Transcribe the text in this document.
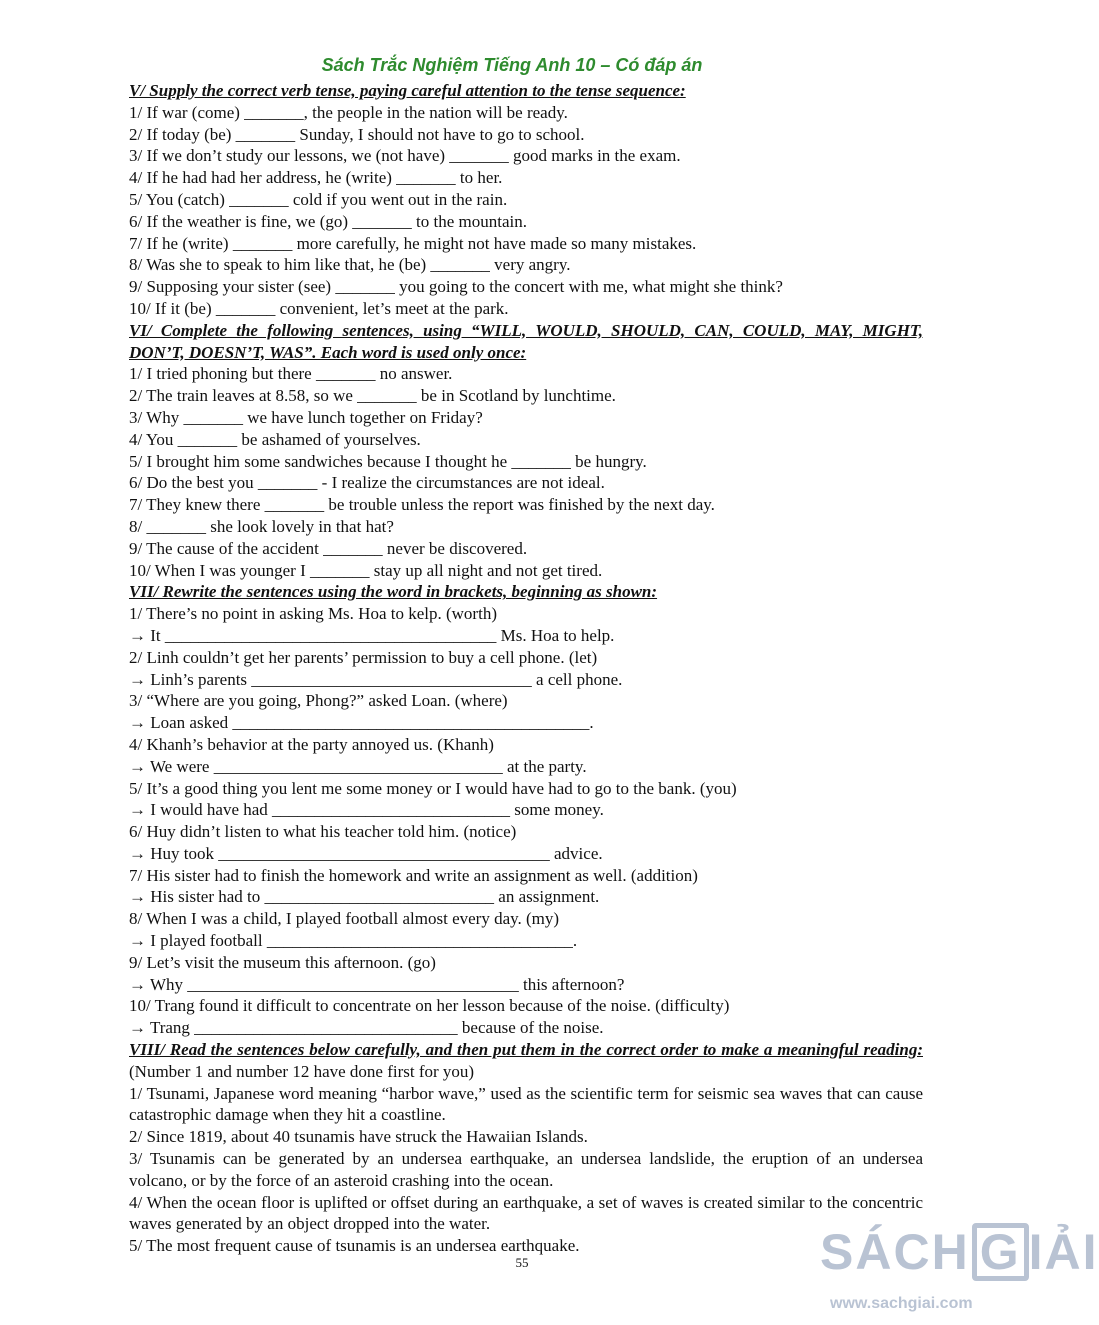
Sách Trắc Nghiệm Tiếng Anh 10 – Có đáp án

V/ Supply the correct verb tense, paying careful attention to the tense sequence:

1/ If war (come) _______, the people in the nation will be ready.

2/ If today (be) _______ Sunday, I should not have to go to school.

3/ If we don’t study our lessons, we (not have) _______ good marks in the exam.

4/ If he had had her address, he (write) _______ to her.

5/ You (catch) _______ cold if you went out in the rain.

6/ If the weather is fine, we (go) _______ to the mountain.

7/ If he (write) _______ more carefully, he might not have made so many mistakes.

8/ Was she to speak to him like that, he (be) _______ very angry.

9/ Supposing your sister (see) _______ you going to the concert with me, what might she think?

10/ If it (be) _______ convenient, let’s meet at the park.

VI/ Complete the following sentences, using “WILL, WOULD, SHOULD, CAN, COULD, MAY, MIGHT, DON’T, DOESN’T, WAS”. Each word is used only once:

1/ I tried phoning but there _______ no answer.

2/ The train leaves at 8.58, so we _______ be in Scotland by lunchtime.

3/ Why _______ we have lunch together on Friday?

4/ You _______ be ashamed of yourselves.

5/ I brought him some sandwiches because I thought he _______ be hungry.

6/ Do the best you _______ - I realize the circumstances are not ideal.

7/ They knew there _______ be trouble unless the report was finished by the next day.

8/ _______ she look lovely in that hat?

9/ The cause of the accident _______ never be discovered.

10/ When I was younger I _______ stay up all night and not get tired.

VII/ Rewrite the sentences using the word in brackets, beginning as shown:

1/ There’s no point in asking Ms. Hoa to kelp. (worth)

→ It _______________________________________ Ms. Hoa to help.

2/ Linh couldn’t get her parents’ permission to buy a cell phone. (let)

→ Linh’s parents _________________________________ a cell phone.

3/ “Where are you going, Phong?” asked Loan. (where)

→ Loan asked __________________________________________.

4/ Khanh’s behavior at the party annoyed us. (Khanh)

→ We were __________________________________ at the party.

5/ It’s a good thing you lent me some money or I would have had to go to the bank. (you)

→ I would have had ____________________________ some money.

6/ Huy didn’t listen to what his teacher told him. (notice)

→ Huy took _______________________________________ advice.

7/ His sister had to finish the homework and write an assignment as well. (addition)

→ His sister had to ___________________________ an assignment.

8/ When I was a child, I played football almost every day. (my)

→ I played football ____________________________________.

9/ Let’s visit the museum this afternoon. (go)

→ Why _______________________________________ this afternoon?

10/ Trang found it difficult to concentrate on her lesson because of the noise. (difficulty)

→ Trang _______________________________ because of the noise.

VIII/ Read the sentences below carefully, and then put them in the correct order to make a meaningful reading: (Number 1 and number 12 have done first for you)

1/ Tsunami, Japanese word meaning “harbor wave,” used as the scientific term for seismic sea waves that can cause catastrophic damage when they hit a coastline.

2/ Since 1819, about 40 tsunamis have struck the Hawaiian Islands.

3/ Tsunamis can be generated by an undersea earthquake, an undersea landslide, the eruption of an undersea volcano, or by the force of an asteroid crashing into the ocean.

4/ When the ocean floor is uplifted or offset during an earthquake, a set of waves is created similar to the concentric waves generated by an object dropped into the water.

5/ The most frequent cause of tsunamis is an undersea earthquake.

55	SÁCH G IẢI
www.sachgiai.com
